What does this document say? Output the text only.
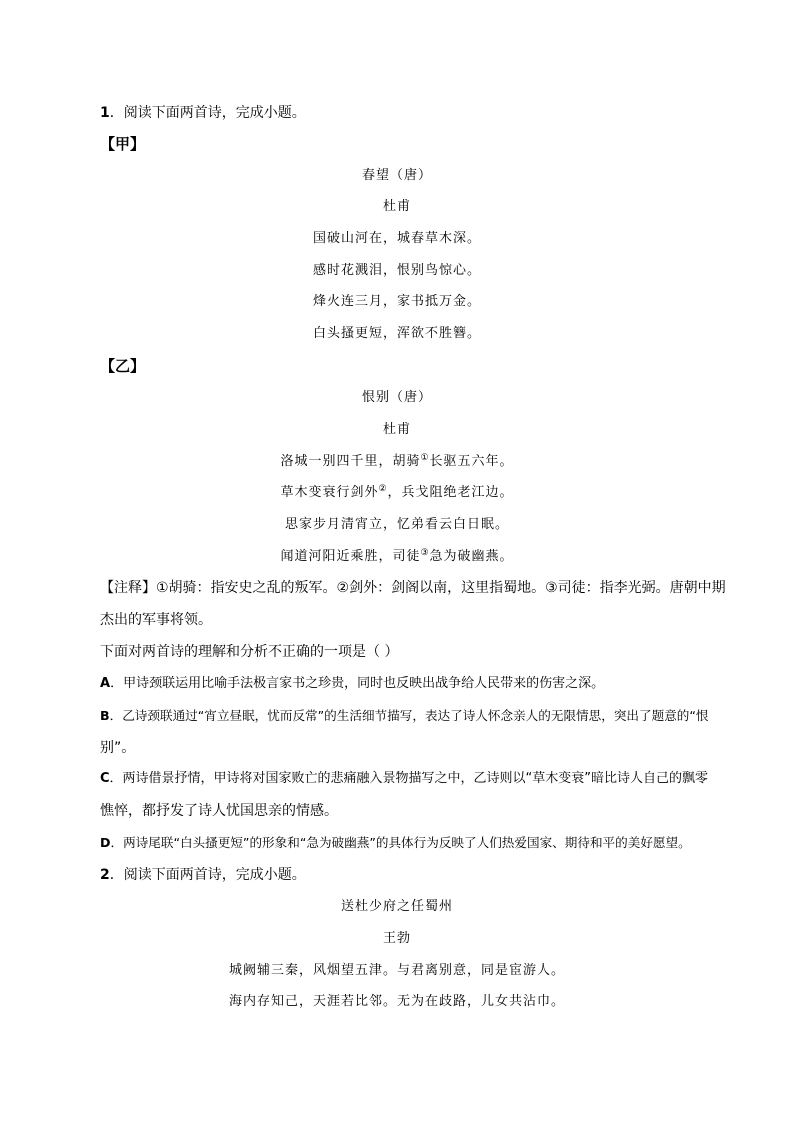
1．阅读下面两首诗，完成小题。
【甲】
春望（唐）
杜甫
国破山河在，城春草木深。
感时花溅泪，恨别鸟惊心。
烽火连三月，家书抵万金。
白头搔更短，浑欲不胜簪。
【乙】
恨别（唐）
杜甫
洛城一别四千里，胡骑①长驱五六年。
草木变衰行剑外②，兵戈阻绝老江边。
思家步月清宵立，忆弟看云白日眠。
闻道河阳近乘胜，司徒③急为破幽燕。
【注释】①胡骑：指安史之乱的叛军。②剑外：剑阁以南，这里指蜀地。③司徒：指李光弼。唐朝中期
杰出的军事将领。
下面对两首诗的理解和分析不正确的一项是（ ）
A．甲诗颈联运用比喻手法极言家书之珍贵，同时也反映出战争给人民带来的伤害之深。
B．乙诗颈联通过“宵立昼眠，忧而反常”的生活细节描写，表达了诗人怀念亲人的无限情思，突出了题意的“恨
别”。
C．两诗借景抒情，甲诗将对国家败亡的悲痛融入景物描写之中，乙诗则以“草木变衰”暗比诗人自己的飘零
憔悴，都抒发了诗人忧国思亲的情感。
D．两诗尾联“白头搔更短”的形象和“急为破幽燕”的具体行为反映了人们热爱国家、期待和平的美好愿望。
2．阅读下面两首诗，完成小题。
送杜少府之任蜀州
王勃
城阙辅三秦，风烟望五津。与君离别意，同是宦游人。
海内存知己，天涯若比邻。无为在歧路，儿女共沾巾。
